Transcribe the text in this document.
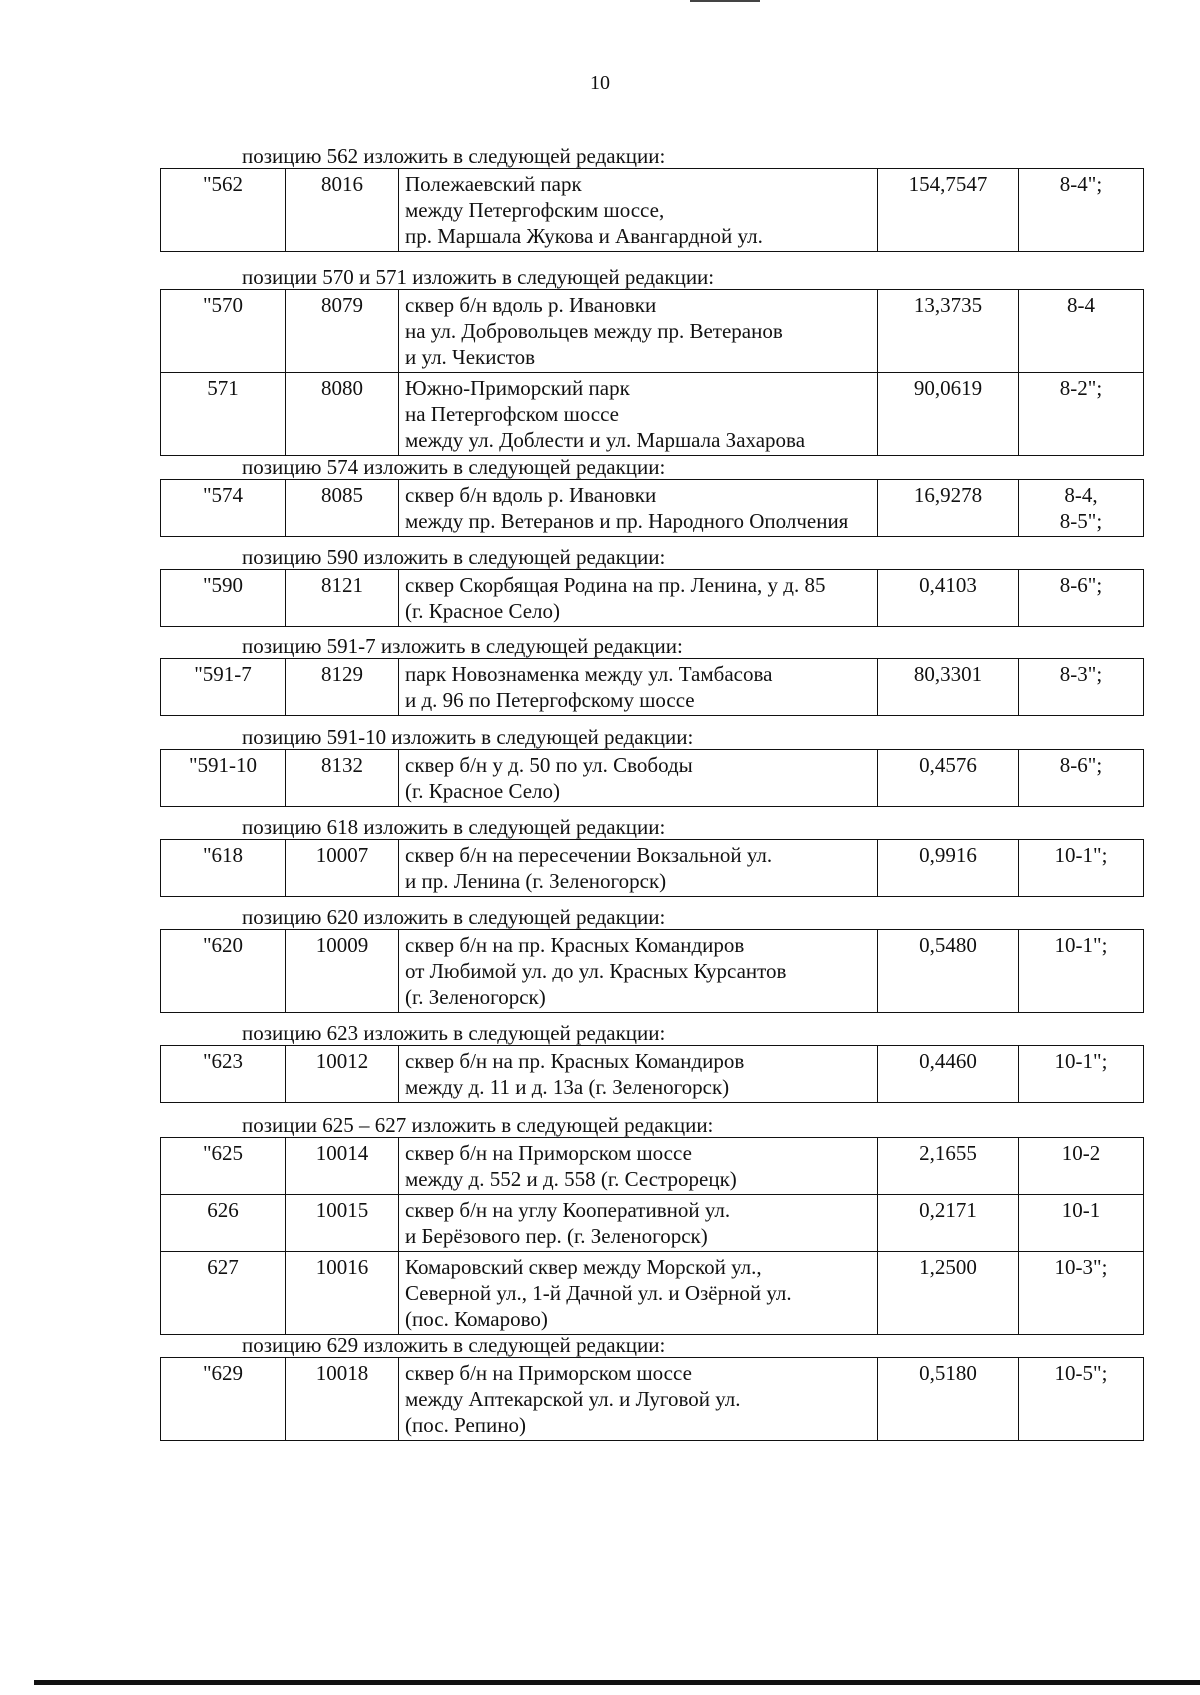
10
позицию 562 изложить в следующей редакции:
"562	8016	Полежаевский парк
между Петергофским шоссе,
пр. Маршала Жукова и Авангардной ул.
	154,7547	8-4";
позиции 570 и 571 изложить в следующей редакции:
"570	8079	сквер б/н вдоль р. Ивановки
на ул. Добровольцев между пр. Ветеранов
и ул. Чекистов	13,3735	8-4

571	8080	Южно-Приморский парк
на Петергофском шоссе
между ул. Доблести и ул. Маршала Захарова	90,0619	8-2";
позицию 574 изложить в следующей редакции:
"574	8085	сквер б/н вдоль р. Ивановки
между пр. Ветеранов и пр. Народного Ополчения
	16,9278	8-4,
8-5";
позицию 590 изложить в следующей редакции:
"590	8121	сквер Скорбящая Родина на пр. Ленина, у д. 85
(г. Красное Село)
	0,4103	8-6";
позицию 591-7 изложить в следующей редакции:
"591-7	8129	парк Новознаменка между ул. Тамбасова
и д. 96 по Петергофскому шоссе
	80,3301	8-3";
позицию 591-10 изложить в следующей редакции:
"591-10	8132	сквер б/н у д. 50 по ул. Свободы
(г. Красное Село)
	0,4576	8-6";
позицию 618 изложить в следующей редакции:
"618	10007	сквер б/н на пересечении Вокзальной ул.
и пр. Ленина (г. Зеленогорск)
	0,9916	10-1";
позицию 620 изложить в следующей редакции:
"620	10009	сквер б/н на пр. Красных Командиров
от Любимой ул. до ул. Красных Курсантов
(г. Зеленогорск)
	0,5480	10-1";
позицию 623 изложить в следующей редакции:
"623	10012	сквер б/н на пр. Красных Командиров
между д. 11 и д. 13а (г. Зеленогорск)
	0,4460	10-1";
позиции 625 – 627 изложить в следующей редакции:
"625	10014	сквер б/н на Приморском шоссе
между д. 552 и д. 558 (г. Сестрорецк)	2,1655	10-2

626	10015	сквер б/н на углу Кооперативной ул.
и Берёзового пер. (г. Зеленогорск)	0,2171	10-1

627	10016	Комаровский сквер между Морской ул.,
Северной ул., 1-й Дачной ул. и Озёрной ул.
(пос. Комарово)	1,2500	10-3";
позицию 629 изложить в следующей редакции:
"629	10018	сквер б/н на Приморском шоссе
между Аптекарской ул. и Луговой ул.
(пос. Репино)
	0,5180	10-5";
